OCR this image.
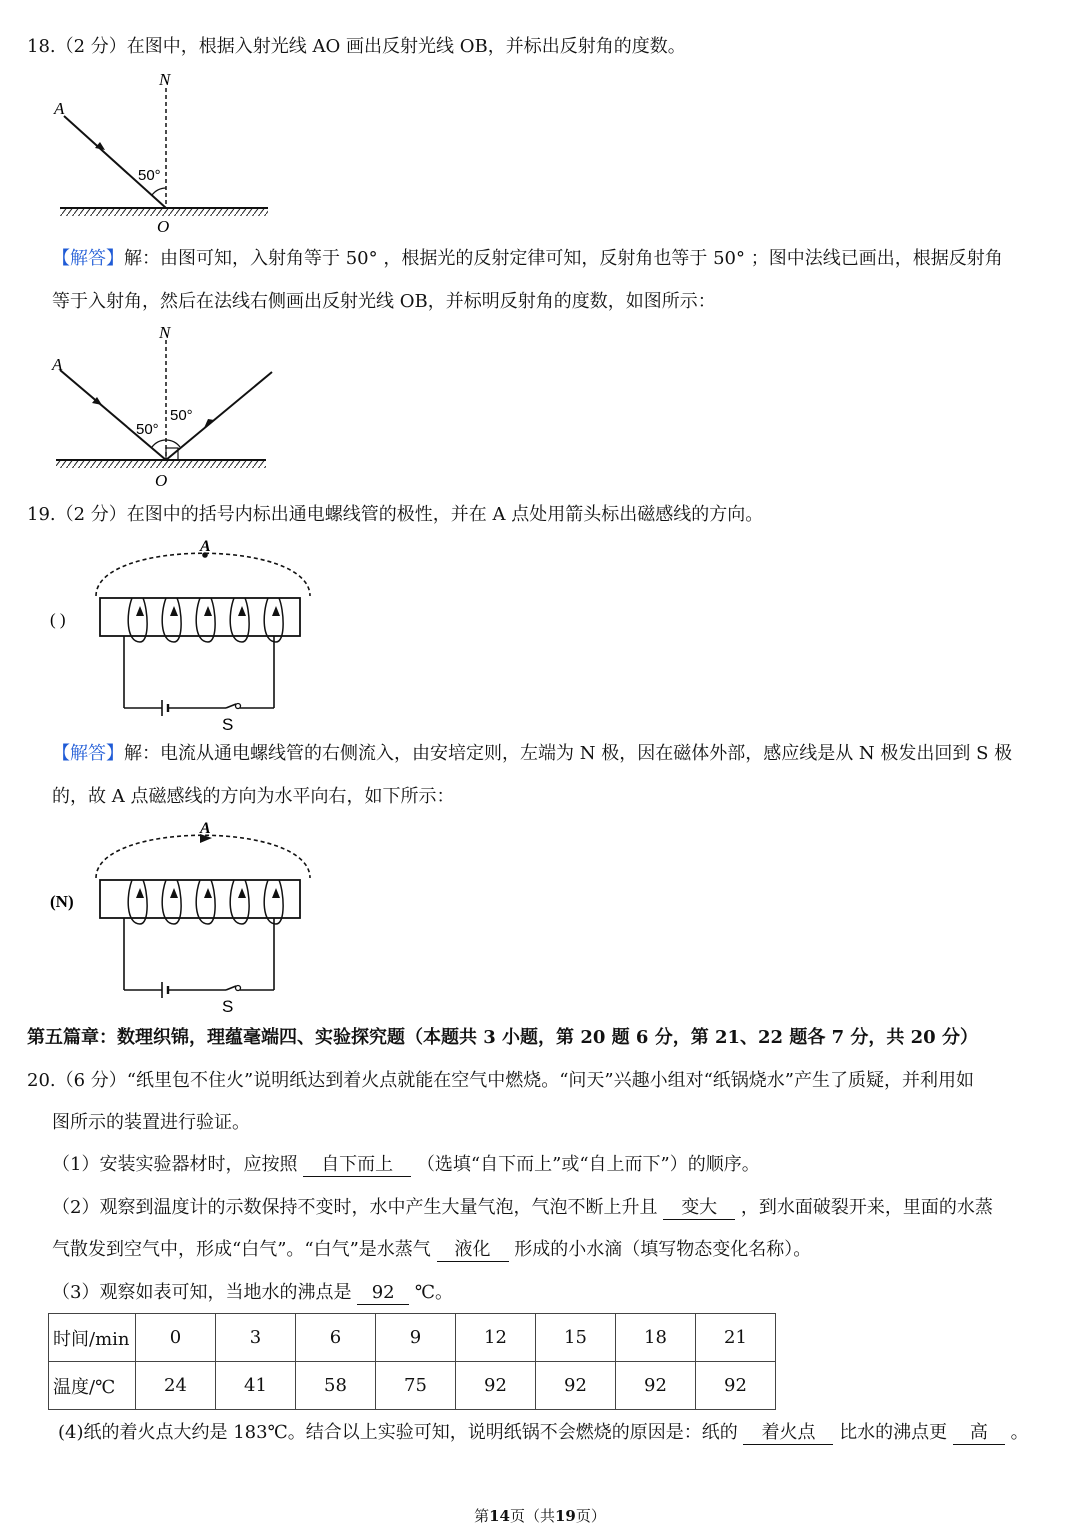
18.（2 分）在图中，根据入射光线 AO 画出反射光线 OB，并标出反射角的度数。
A
N
O
50°
【解答】解：由图可知，入射角等于 50° ，根据光的反射定律可知，反射角也等于 50° ；图中法线已画出，根据反射角
等于入射角，然后在法线右侧画出反射光线 OB，并标明反射角的度数，如图所示：
A
N
O
50°
50°
19.（2 分）在图中的括号内标出通电螺线管的极性，并在 A 点处用箭头标出磁感线的方向。
A
S
( )
【解答】解：电流从通电螺线管的右侧流入，由安培定则，左端为 N 极，因在磁体外部，感应线是从 N 极发出回到 S 极
的，故 A 点磁感线的方向为水平向右，如下所示：
A
S
(N)
第五篇章：数理织锦，理蕴毫端四、实验探究题（本题共 3 小题，第 20 题 6 分，第 21、22 题各 7 分，共 20 分）
20.（6 分）“纸里包不住火”说明纸达到着火点就能在空气中燃烧。“问天”兴趣小组对“纸锅烧水”产生了质疑，并利用如
图所示的装置进行验证。
（1）安装实验器材时，应按照 自下而上 （选填“自下而上”或“自上而下”）的顺序。
（2）观察到温度计的示数保持不变时，水中产生大量气泡，气泡不断上升且 变大 ，到水面破裂开来，里面的水蒸
气散发到空气中，形成“白气”。“白气”是水蒸气 液化 形成的小水滴（填写物态变化名称）。
（3）观察如表可知，当地水的沸点是 92 ℃。
时间/min	0	3	6	9	12	15	18	21
温度/℃	24	41	58	75	92	92	92	92
(4)纸的着火点大约是 183℃。结合以上实验可知，说明纸锅不会燃烧的原因是：纸的 着火点 比水的沸点更 高 。
第14页（共19页）
